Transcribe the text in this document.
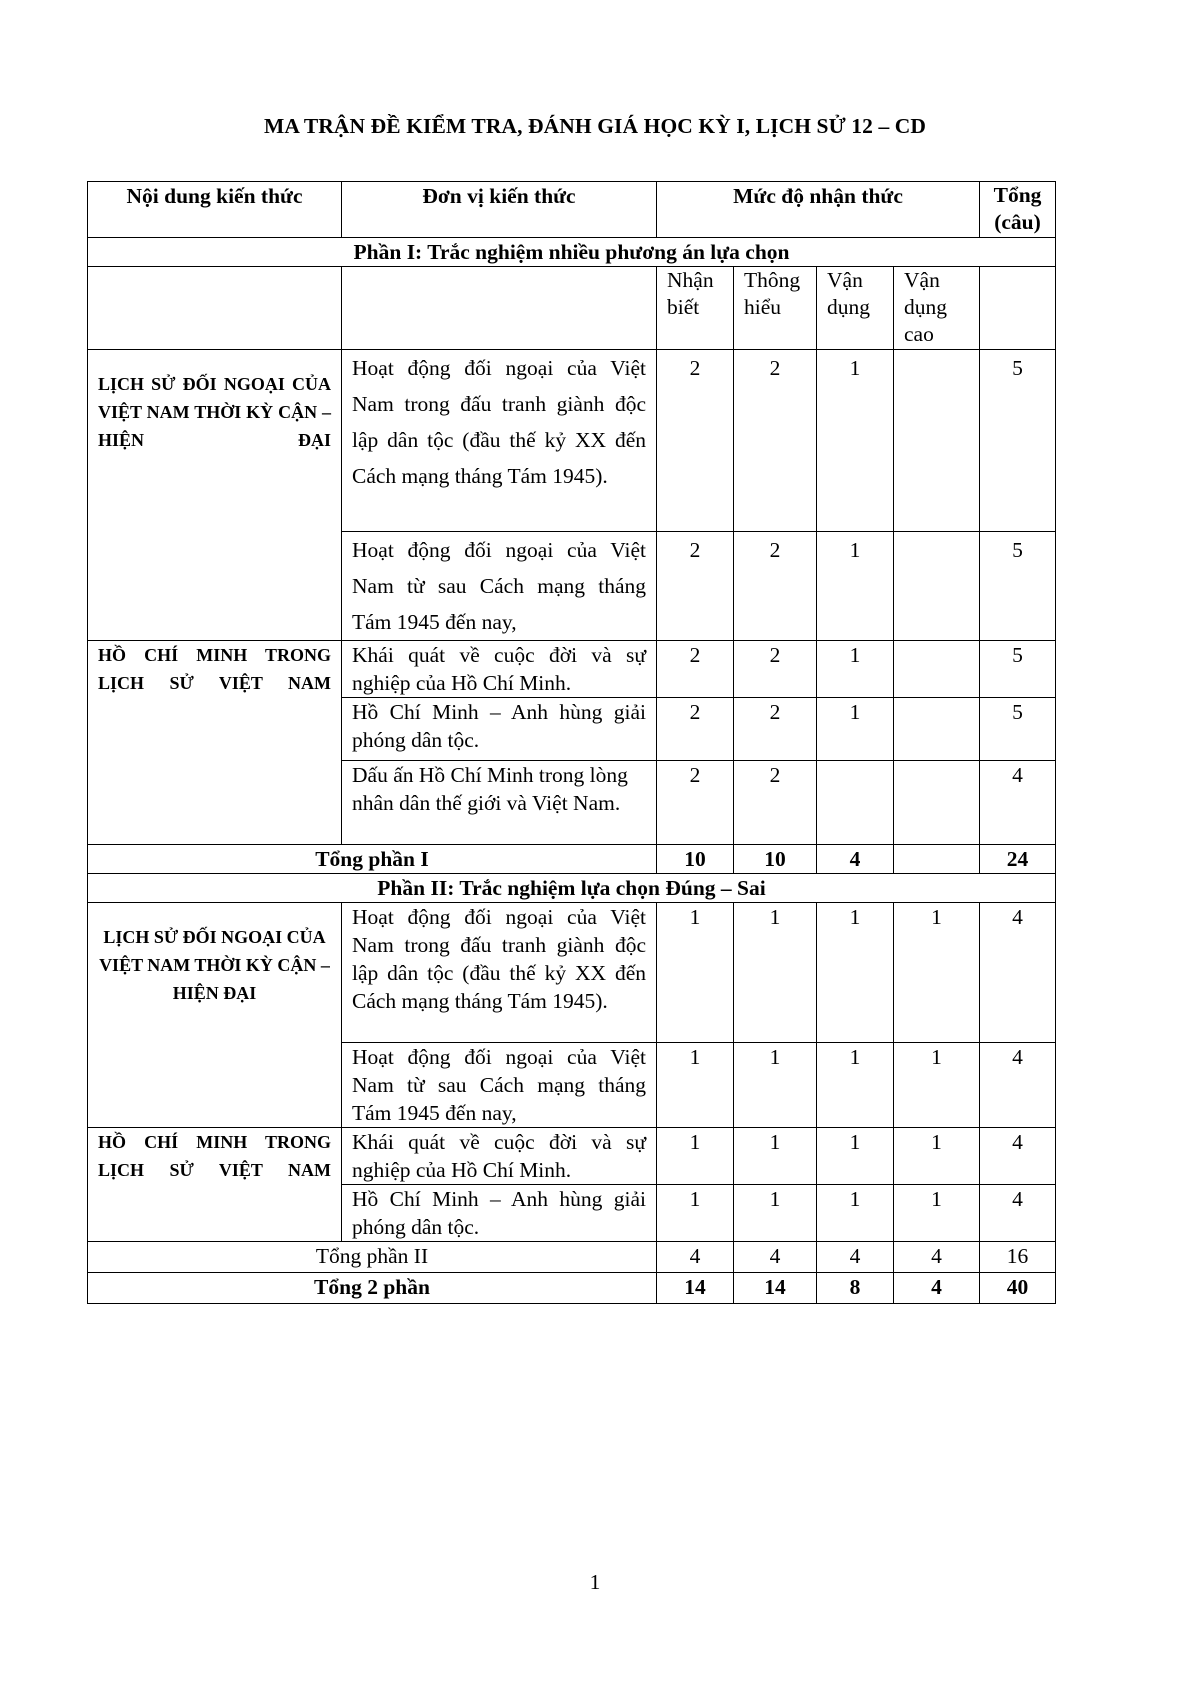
MA TRẬN ĐỀ KIỂM TRA, ĐÁNH GIÁ HỌC KỲ I, LỊCH SỬ 12 – CD
Nội dung kiến thức	Đơn vị kiến thức	Mức độ nhận thức				Tổng (câu)
Phần I: Trắc nghiệm nhiều phương án lựa chọn						
		Nhận biết	Thông hiểu	Vận dụng	Vận dụng cao	

LỊCH SỬ ĐỐI NGOẠI CỦA VIỆT NAM THỜI KỲ CẬN – HIỆN ĐẠI	Hoạt động đối ngoại của Việt Nam trong đấu tranh giành độc lập dân tộc (đầu thế kỷ XX đến Cách mạng tháng Tám 1945).	2	2	1		5
	Hoạt động đối ngoại của Việt Nam từ sau Cách mạng tháng Tám 1945 đến nay,	2	2	1		5

HỒ CHÍ MINH TRONG LỊCH SỬ VIỆT NAM	Khái quát về cuộc đời và sự nghiệp của Hồ Chí Minh.	2	2	1		5
	Hồ Chí Minh – Anh hùng giải phóng dân tộc.	2	2	1		5
	Dấu ấn Hồ Chí Minh trong lòng nhân dân thế giới và Việt Nam.	2	2			4
Tổng phần I		10	10	4		24
Phần II: Trắc nghiệm lựa chọn Đúng – Sai						

LỊCH SỬ ĐỐI NGOẠI CỦA VIỆT NAM THỜI KỲ CẬN – HIỆN ĐẠI	Hoạt động đối ngoại của Việt Nam trong đấu tranh giành độc lập dân tộc (đầu thế kỷ XX đến Cách mạng tháng Tám 1945).	1	1	1	1	4
	Hoạt động đối ngoại của Việt Nam từ sau Cách mạng tháng Tám 1945 đến nay,	1	1	1	1	4

HỒ CHÍ MINH TRONG LỊCH SỬ VIỆT NAM	Khái quát về cuộc đời và sự nghiệp của Hồ Chí Minh.	1	1	1	1	4
	Hồ Chí Minh – Anh hùng giải phóng dân tộc.	1	1	1	1	4
Tổng phần II		4	4	4	4	16
Tổng 2 phần		14	14	8	4	40
1
